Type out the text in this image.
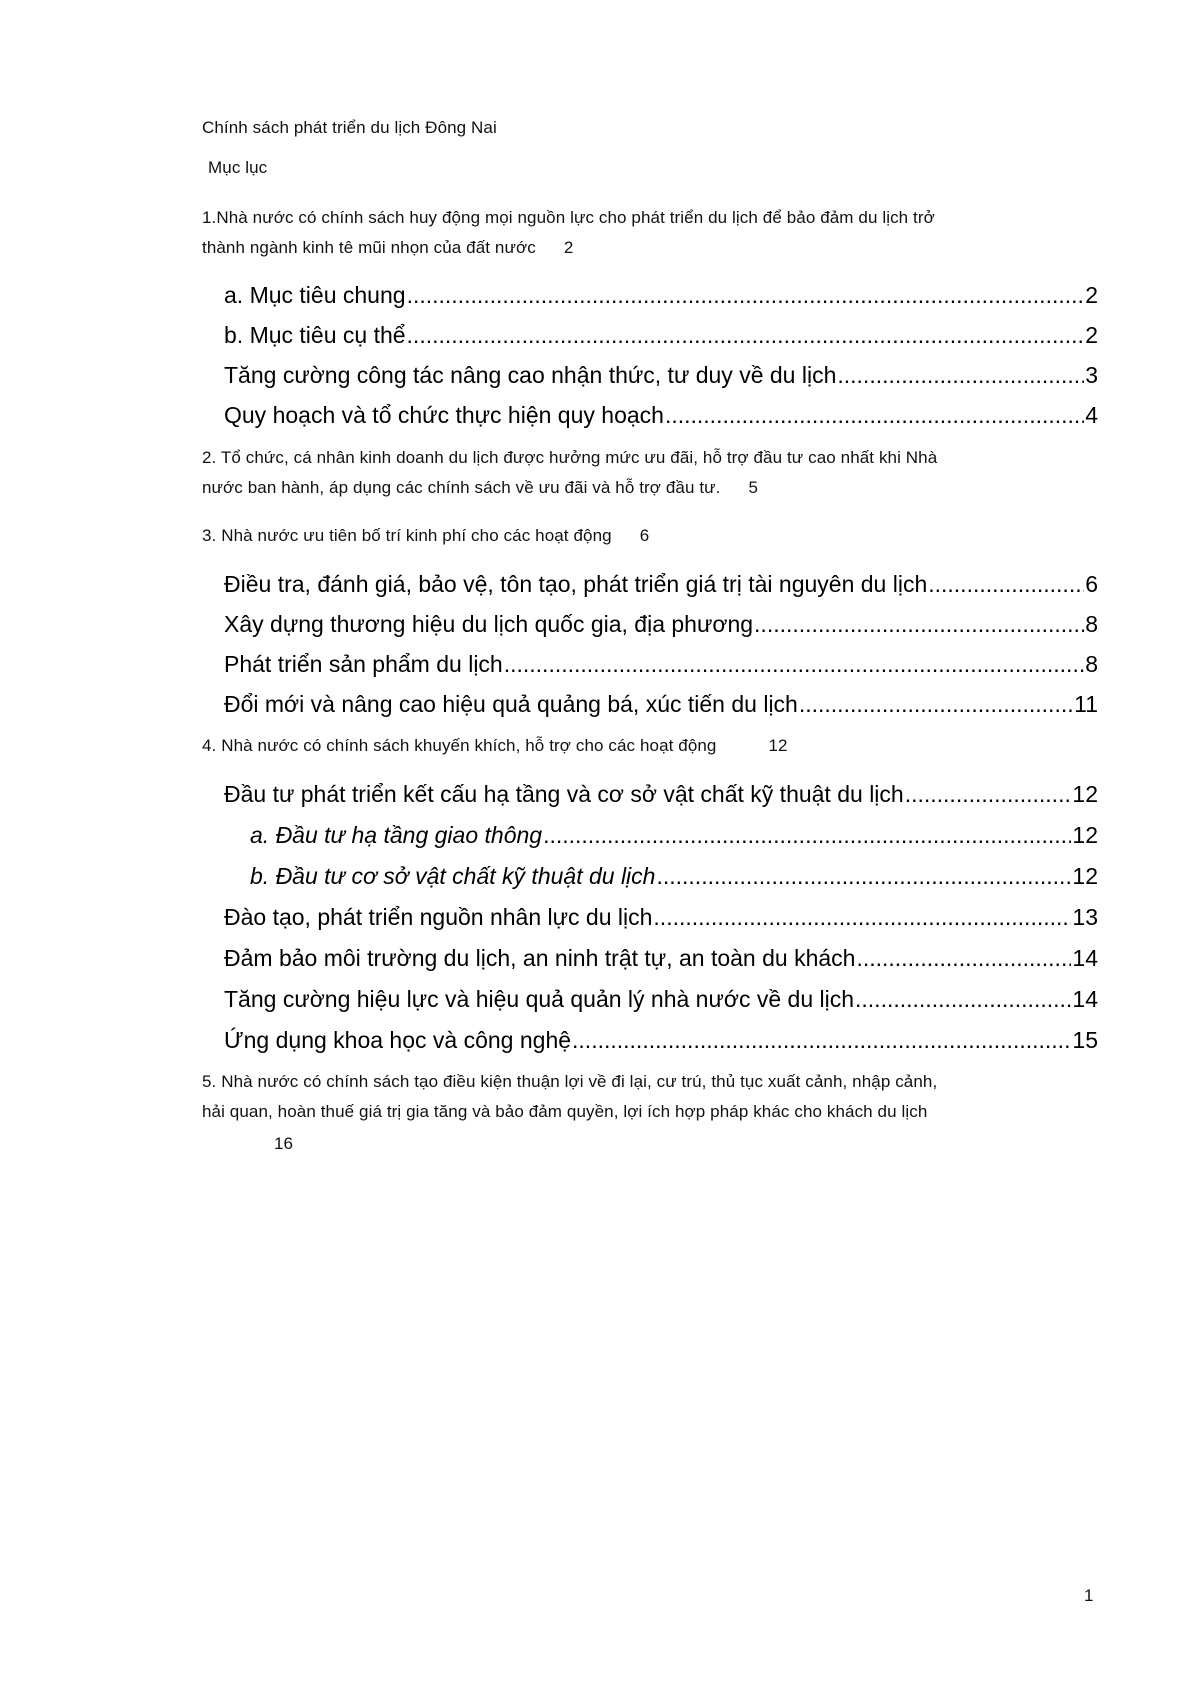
Chính sách phát triển du lịch Đông Nai
Mục lục
1.Nhà nước có chính sách huy động mọi nguồn lực cho phát triển du lịch để bảo đảm du lịch trở
thành ngành kinh tê mũi nhọn của đất nước 2
a. Mục tiêu chung .....	2
b. Mục tiêu cụ thể .....	2
Tăng cường công tác nâng cao nhận thức, tư duy về du lịch .....	3
Quy hoạch và tổ chức thực hiện quy hoạch .....	4
2. Tổ chức, cá nhân kinh doanh du lịch được hưởng mức ưu đãi, hỗ trợ đầu tư cao nhất khi Nhà
nước ban hành, áp dụng các chính sách về ưu đãi và hỗ trợ đầu tư. 5
3. Nhà nước ưu tiên bố trí kinh phí cho các hoạt động 6
Điều tra, đánh giá, bảo vệ, tôn tạo, phát triển giá trị tài nguyên du lịch .....	6
Xây dựng thương hiệu du lịch quốc gia, địa phương .....	8
Phát triển sản phẩm du lịch .....	8
Đổi mới và nâng cao hiệu quả quảng bá, xúc tiến du lịch .....	11
4. Nhà nước có chính sách khuyến khích, hỗ trợ cho các hoạt động	12
Đầu tư phát triển kết cấu hạ tầng và cơ sở vật chất kỹ thuật du lịch .....	12
a. Đầu tư hạ tầng giao thông .....	12
b. Đầu tư cơ sở vật chất kỹ thuật du lịch .....	12
Đào tạo, phát triển nguồn nhân lực du lịch .....	13
Đảm bảo môi trường du lịch, an ninh trật tự, an toàn du khách .....	14
Tăng cường hiệu lực và hiệu quả quản lý nhà nước về du lịch .....	14
Ứng dụng khoa học và công nghệ .....	15
5. Nhà nước có chính sách tạo điều kiện thuận lợi về đi lại, cư trú, thủ tục xuất cảnh, nhập cảnh,
hải quan, hoàn thuế giá trị gia tăng và bảo đảm quyền, lợi ích hợp pháp khác cho khách du lịch
16
1
